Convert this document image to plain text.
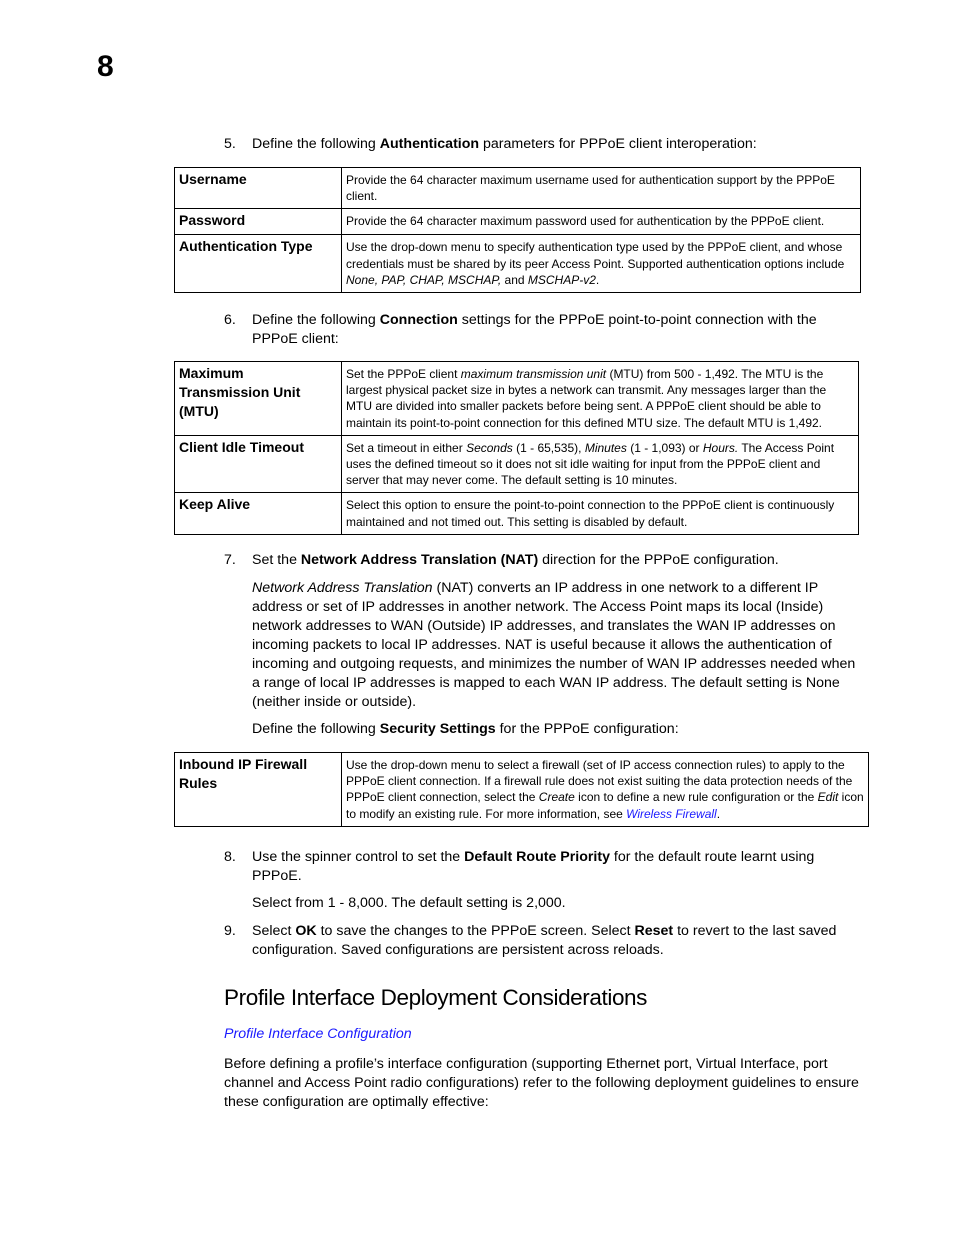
8
5. Define the following Authentication parameters for PPPoE client interoperation:
Username	Provide the 64 character maximum username used for authentication support by the PPPoE client.
Password	Provide the 64 character maximum password used for authentication by the PPPoE client.
Authentication Type	Use the drop-down menu to specify authentication type used by the PPPoE client, and whose credentials must be shared by its peer Access Point. Supported authentication options include None, PAP, CHAP, MSCHAP, and MSCHAP-v2.
6. Define the following Connection settings for the PPPoE point-to-point connection with the PPPoE client:
Maximum Transmission Unit (MTU)	Set the PPPoE client maximum transmission unit (MTU) from 500 - 1,492. The MTU is the largest physical packet size in bytes a network can transmit. Any messages larger than the MTU are divided into smaller packets before being sent. A PPPoE client should be able to maintain its point-to-point connection for this defined MTU size. The default MTU is 1,492.
Client Idle Timeout	Set a timeout in either Seconds (1 - 65,535), Minutes (1 - 1,093) or Hours. The Access Point uses the defined timeout so it does not sit idle waiting for input from the PPPoE client and server that may never come. The default setting is 10 minutes.
Keep Alive	Select this option to ensure the point-to-point connection to the PPPoE client is continuously maintained and not timed out. This setting is disabled by default.
7. Set the Network Address Translation (NAT) direction for the PPPoE configuration.
Network Address Translation (NAT) converts an IP address in one network to a different IP address or set of IP addresses in another network. The Access Point maps its local (Inside) network addresses to WAN (Outside) IP addresses, and translates the WAN IP addresses on incoming packets to local IP addresses. NAT is useful because it allows the authentication of incoming and outgoing requests, and minimizes the number of WAN IP addresses needed when a range of local IP addresses is mapped to each WAN IP address. The default setting is None (neither inside or outside).
Define the following Security Settings for the PPPoE configuration:
Inbound IP Firewall Rules	Use the drop-down menu to select a firewall (set of IP access connection rules) to apply to the PPPoE client connection. If a firewall rule does not exist suiting the data protection needs of the PPPoE client connection, select the Create icon to define a new rule configuration or the Edit icon to modify an existing rule. For more information, see Wireless Firewall.
8. Use the spinner control to set the Default Route Priority for the default route learnt using PPPoE.
Select from 1 - 8,000. The default setting is 2,000.
9. Select OK to save the changes to the PPPoE screen. Select Reset to revert to the last saved configuration. Saved configurations are persistent across reloads.
Profile Interface Deployment Considerations
Profile Interface Configuration
Before defining a profile’s interface configuration (supporting Ethernet port, Virtual Interface, port channel and Access Point radio configurations) refer to the following deployment guidelines to ensure these configuration are optimally effective:
